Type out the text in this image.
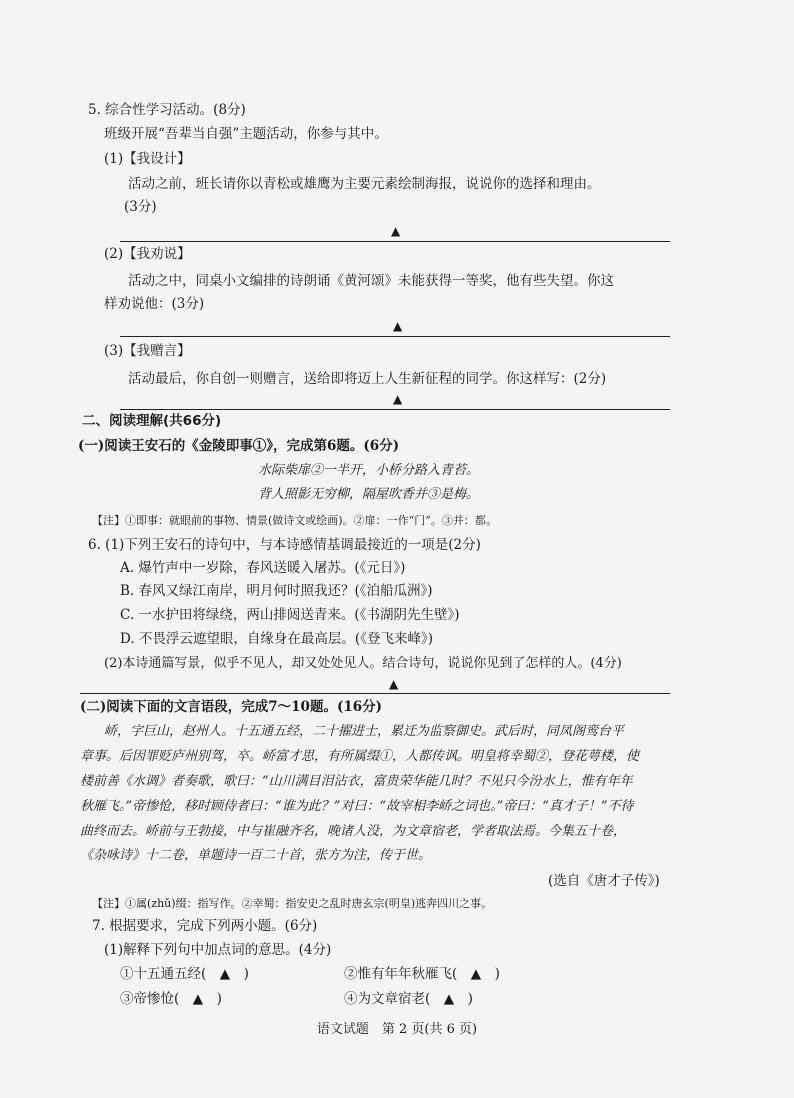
5. 综合性学习活动。(8分)
班级开展“吾辈当自强”主题活动，你参与其中。
(1)【我设计】
活动之前，班长请你以青松或雄鹰为主要元素绘制海报，说说你的选择和理由。
(3分)
▲
(2)【我劝说】
活动之中，同桌小文编排的诗朗诵《黄河颂》未能获得一等奖，他有些失望。你这
样劝说他：(3分)
▲
(3)【我赠言】
活动最后，你自创一则赠言，送给即将迈上人生新征程的同学。你这样写：(2分)
▲
二、阅读理解(共66分)
(一)阅读王安石的《金陵即事①》，完成第6题。(6分)
水际柴扉②一半开，小桥分路入青苔。
背人照影无穷柳，隔屋吹香并③是梅。
【注】①即事：就眼前的事物、情景(做诗文或绘画)。②扉：一作“门”。③并：都。
6. (1)下列王安石的诗句中，与本诗感情基调最接近的一项是(2分)
A. 爆竹声中一岁除，春风送暖入屠苏。(《元日》)
B. 春风又绿江南岸，明月何时照我还？(《泊船瓜洲》)
C. 一水护田将绿绕，两山排闼送青来。(《书湖阴先生壁》)
D. 不畏浮云遮望眼，自缘身在最高层。(《登飞来峰》)
(2)本诗通篇写景，似乎不见人，却又处处见人。结合诗句，说说你见到了怎样的人。(4分)
▲
(二)阅读下面的文言语段，完成7～10题。(16分)
峤，字巨山，赵州人。十五通五经，二十擢进士，累迁为监察御史。武后时，同凤阁鸾台平
章事。后因罪贬庐州别驾，卒。峤富才思，有所属缀①，人都传讽。明皇将幸蜀②，登花萼楼，使
楼前善《水调》者奏歌，歌曰：“山川满目泪沾衣，富贵荣华能几时？不见只今汾水上，惟有年年
秋雁飞。”帝惨怆，移时顾侍者曰：“谁为此？”对曰：“故宰相李峤之词也。”帝曰：“真才子！”不待
曲终而去。峤前与王勃接，中与崔融齐名，晚诸人没，为文章宿老，学者取法焉。今集五十卷，
《杂咏诗》十二卷，单题诗一百二十首，张方为注，传于世。
(选自《唐才子传》)
【注】①属(zhǔ)缀：指写作。②幸蜀：指安史之乱时唐玄宗(明皇)逃奔四川之事。
7. 根据要求，完成下列两小题。(6分)
(1)解释下列句中加点词的意思。(4分)
①十五通五经(　▲　)	②惟有年年秋雁飞(　▲　)
③帝惨怆(　▲　)	④为文章宿老(　▲　)
语文试题　第 2 页(共 6 页)
